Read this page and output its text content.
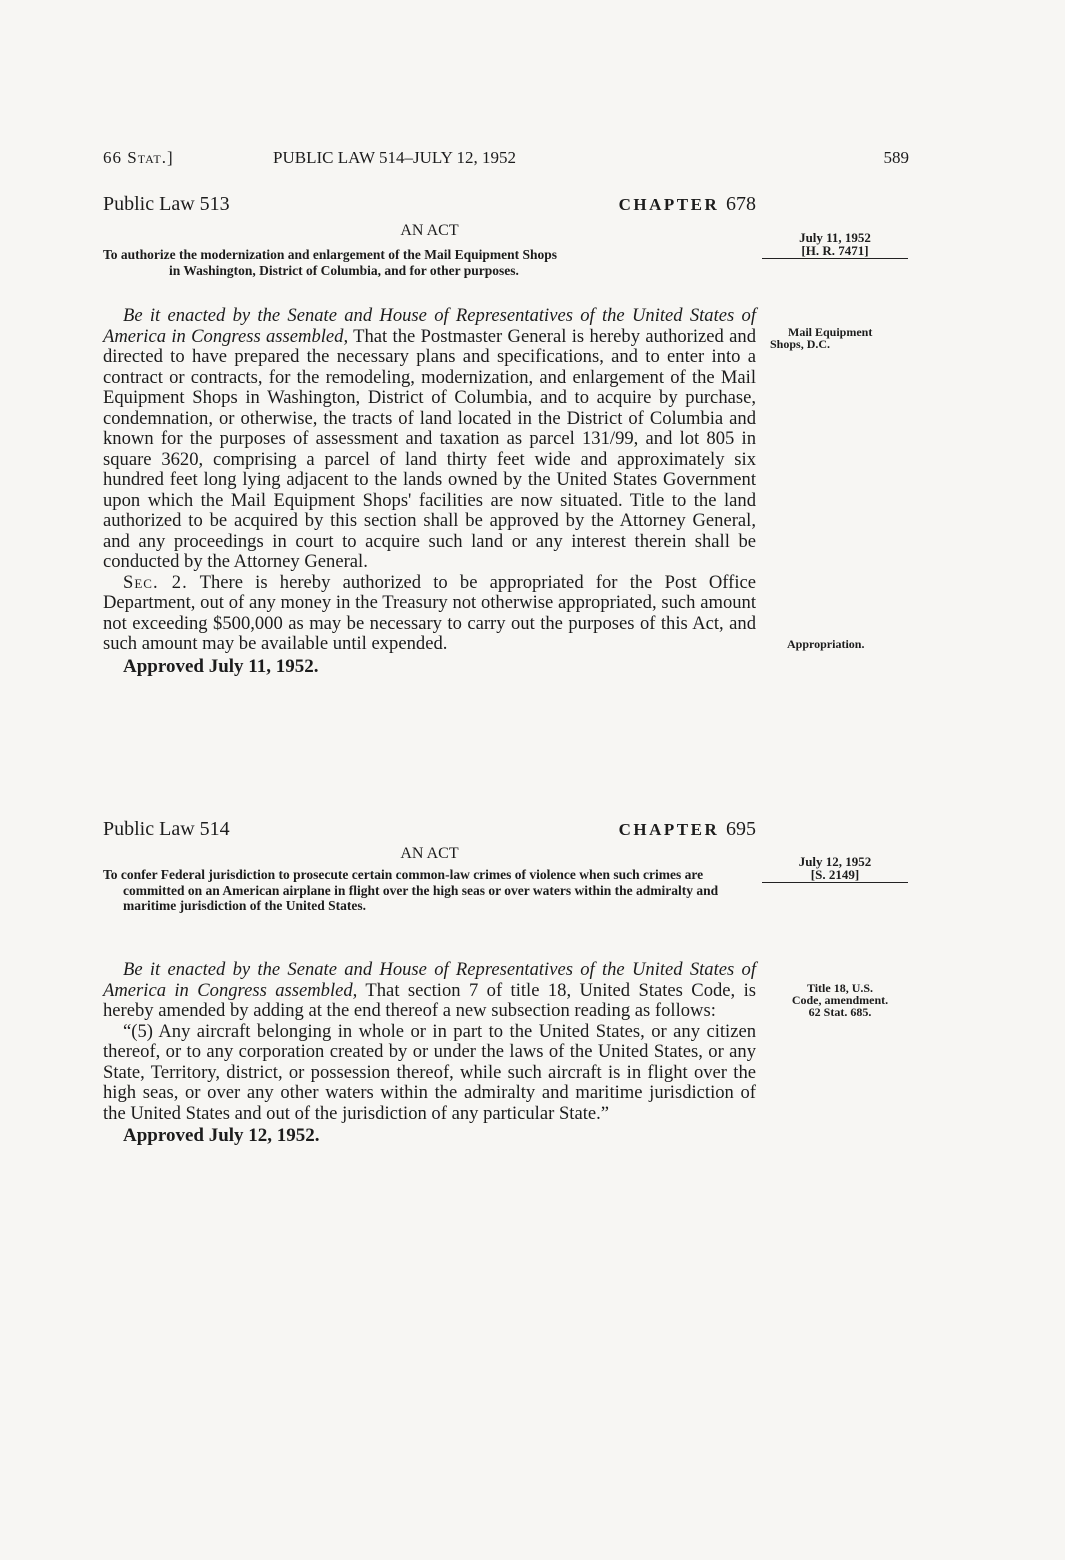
66 Stat.]	PUBLIC LAW 514–JULY 12, 1952	589
Public Law 513	CHAPTER 678
AN ACT
To authorize the modernization and enlargement of the Mail Equipment Shops
in Washington, District of Columbia, and for other purposes.
July 11, 1952
[H. R. 7471]

Be it enacted by the Senate and House of Representatives of the United States of America in Congress assembled, That the Postmaster General is hereby authorized and directed to have prepared the necessary plans and specifications, and to enter into a contract or contracts, for the remodeling, modernization, and enlargement of the Mail Equipment Shops in Washington, District of Columbia, and to acquire by purchase, condemnation, or otherwise, the tracts of land located in the District of Columbia and known for the purposes of assessment and taxation as parcel 131/99, and lot 805 in square 3620, comprising a parcel of land thirty feet wide and approximately six hundred feet long lying adjacent to the lands owned by the United States Government upon which the Mail Equipment Shops' facilities are now situated. Title to the land authorized to be acquired by this section shall be approved by the Attorney General, and any proceedings in court to acquire such land or any interest therein shall be conducted by the Attorney General.

Sec. 2. There is hereby authorized to be appropriated for the Post Office Department, out of any money in the Treasury not otherwise appropriated, such amount not exceeding $500,000 as may be necessary to carry out the purposes of this Act, and such amount may be available until expended.

Approved July 11, 1952.
Mail Equipment
Shops, D.C.
Appropriation.
Public Law 514	CHAPTER 695
AN ACT
To confer Federal jurisdiction to prosecute certain common-law crimes of violence when such crimes are committed on an American airplane in flight over the high seas or over waters within the admiralty and maritime jurisdiction of the United States.
July 12, 1952
[S. 2149]

Be it enacted by the Senate and House of Representatives of the United States of America in Congress assembled, That section 7 of title 18, United States Code, is hereby amended by adding at the end thereof a new subsection reading as follows:

“(5) Any aircraft belonging in whole or in part to the United States, or any citizen thereof, or to any corporation created by or under the laws of the United States, or any State, Territory, district, or possession thereof, while such aircraft is in flight over the high seas, or over any other waters within the admiralty and maritime jurisdiction of the United States and out of the jurisdiction of any particular State.”

Approved July 12, 1952.
Title 18, U.S.
Code, amendment.
62 Stat. 685.
